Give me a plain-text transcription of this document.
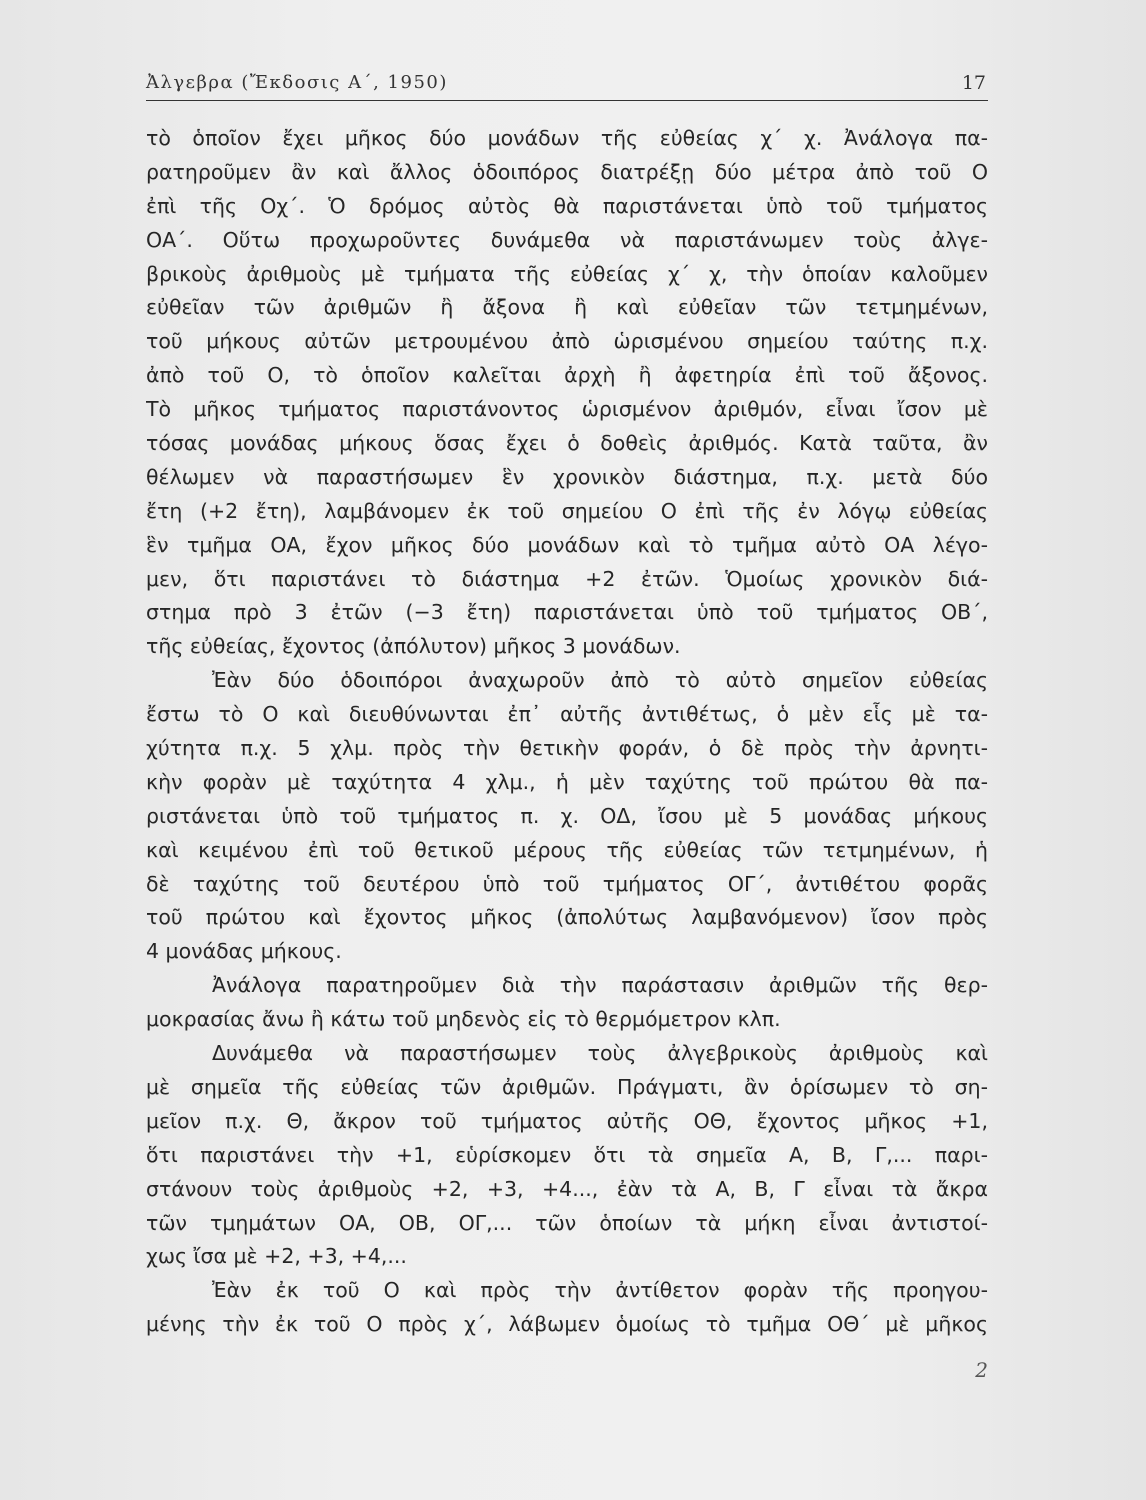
Ἀλγεβρα (Ἔκδοσις Α΄, 1950)	17
τὸ ὁποῖον ἔχει μῆκος δύο μονάδων τῆς εὐθείας χ΄ χ. Ἀνάλογα πα-
ρατηροῦμεν ἂν καὶ ἄλλος ὁδοιπόρος διατρέξῃ δύο μέτρα ἀπὸ τοῦ Ο
ἐπὶ τῆς Οχ΄. Ὁ δρόμος αὐτὸς θὰ παριστάνεται ὑπὸ τοῦ τμήματος
ΟΑ΄. Οὕτω προχωροῦντες δυνάμεθα νὰ παριστάνωμεν τοὺς ἀλγε-
βρικοὺς ἀριθμοὺς μὲ τμήματα τῆς εὐθείας χ΄ χ, τὴν ὁποίαν καλοῦμεν
εὐθεῖαν τῶν ἀριθμῶν ἢ ἄξονα ἢ καὶ εὐθεῖαν τῶν τετμημένων,
τοῦ μήκους αὐτῶν μετρουμένου ἀπὸ ὡρισμένου σημείου ταύτης π.χ.
ἀπὸ τοῦ Ο, τὸ ὁποῖον καλεῖται ἀρχὴ ἢ ἀφετηρία ἐπὶ τοῦ ἄξονος.
Τὸ μῆκος τμήματος παριστάνοντος ὡρισμένον ἀριθμόν, εἶναι ἴσον μὲ
τόσας μονάδας μήκους ὅσας ἔχει ὁ δοθεὶς ἀριθμός. Κατὰ ταῦτα, ἂν
θέλωμεν νὰ παραστήσωμεν ἓν χρονικὸν διάστημα, π.χ. μετὰ δύο
ἔτη (+2 ἔτη), λαμβάνομεν ἐκ τοῦ σημείου Ο ἐπὶ τῆς ἐν λόγῳ εὐθείας
ἓν τμῆμα ΟΑ, ἔχον μῆκος δύο μονάδων καὶ τὸ τμῆμα αὐτὸ ΟΑ λέγο-
μεν, ὅτι παριστάνει τὸ διάστημα +2 ἐτῶν. Ὁμοίως χρονικὸν διά-
στημα πρὸ 3 ἐτῶν (−3 ἔτη) παριστάνεται ὑπὸ τοῦ τμήματος ΟΒ΄,
τῆς εὐθείας, ἔχοντος (ἀπόλυτον) μῆκος 3 μονάδων.
Ἐὰν δύο ὁδοιπόροι ἀναχωροῦν ἀπὸ τὸ αὐτὸ σημεῖον εὐθείας
ἔστω τὸ Ο καὶ διευθύνωνται ἐπ᾿ αὐτῆς ἀντιθέτως, ὁ μὲν εἷς μὲ τα-
χύτητα π.χ. 5 χλμ. πρὸς τὴν θετικὴν φοράν, ὁ δὲ πρὸς τὴν ἀρνητι-
κὴν φορὰν μὲ ταχύτητα 4 χλμ., ἡ μὲν ταχύτης τοῦ πρώτου θὰ πα-
ριστάνεται ὑπὸ τοῦ τμήματος π. χ. ΟΔ, ἴσου μὲ 5 μονάδας μήκους
καὶ κειμένου ἐπὶ τοῦ θετικοῦ μέρους τῆς εὐθείας τῶν τετμημένων, ἡ
δὲ ταχύτης τοῦ δευτέρου ὑπὸ τοῦ τμήματος ΟΓ΄, ἀντιθέτου φορᾶς
τοῦ πρώτου καὶ ἔχοντος μῆκος (ἀπολύτως λαμβανόμενον) ἴσον πρὸς
4 μονάδας μήκους.
Ἀνάλογα παρατηροῦμεν διὰ τὴν παράστασιν ἀριθμῶν τῆς θερ-
μοκρασίας ἄνω ἢ κάτω τοῦ μηδενὸς εἰς τὸ θερμόμετρον κλπ.
Δυνάμεθα νὰ παραστήσωμεν τοὺς ἀλγεβρικοὺς ἀριθμοὺς καὶ
μὲ σημεῖα τῆς εὐθείας τῶν ἀριθμῶν. Πράγματι, ἂν ὁρίσωμεν τὸ ση-
μεῖον π.χ. Θ, ἄκρον τοῦ τμήματος αὐτῆς ΟΘ, ἔχοντος μῆκος +1,
ὅτι παριστάνει τὴν +1, εὑρίσκομεν ὅτι τὰ σημεῖα Α, Β, Γ,... παρι-
στάνουν τοὺς ἀριθμοὺς +2, +3, +4..., ἐὰν τὰ Α, Β, Γ εἶναι τὰ ἄκρα
τῶν τμημάτων ΟΑ, ΟΒ, ΟΓ,... τῶν ὁποίων τὰ μήκη εἶναι ἀντιστοί-
χως ἴσα μὲ +2, +3, +4,...
Ἐὰν ἐκ τοῦ Ο καὶ πρὸς τὴν ἀντίθετον φορὰν τῆς προηγου-
μένης τὴν ἐκ τοῦ Ο πρὸς χ΄, λάβωμεν ὁμοίως τὸ τμῆμα ΟΘ΄ μὲ μῆκος
2
